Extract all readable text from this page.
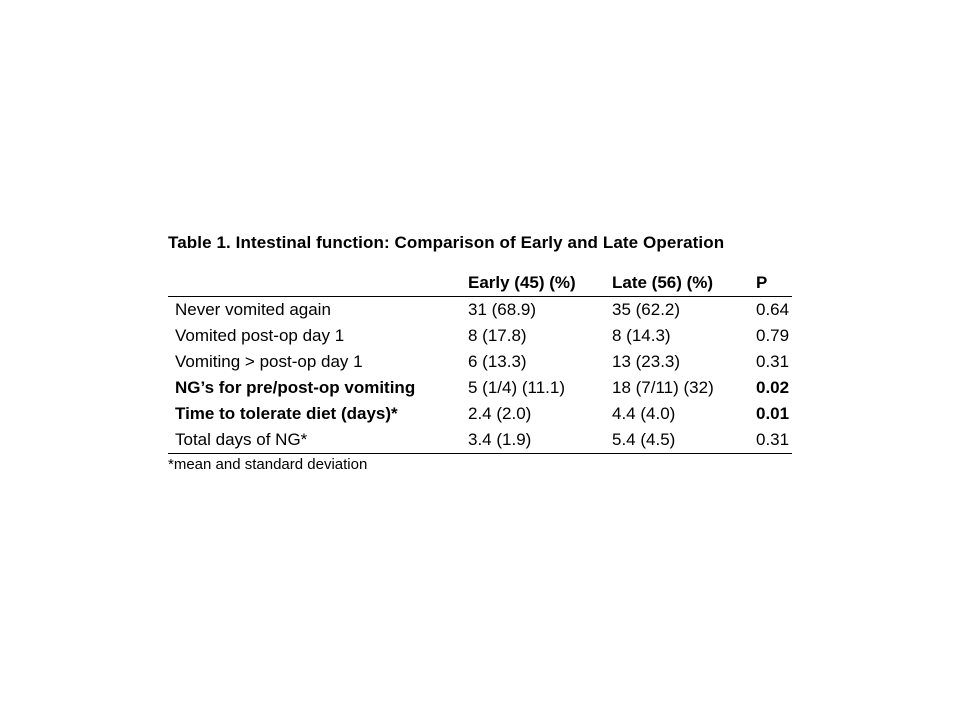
Table 1. Intestinal function: Comparison of Early and Late Operation
	Early (45) (%)	Late (56) (%)	P
Never vomited again	31 (68.9)	35 (62.2)	0.64
Vomited post-op day 1	8 (17.8)	8 (14.3)	0.79
Vomiting > post-op day 1	6 (13.3)	13 (23.3)	0.31
NG’s for pre/post-op vomiting	5 (1/4) (11.1)	18 (7/11) (32)	0.02
Time to tolerate diet (days)*	2.4 (2.0)	4.4 (4.0)	0.01
Total days of NG*	3.4 (1.9)	5.4 (4.5)	0.31
*mean and standard deviation
